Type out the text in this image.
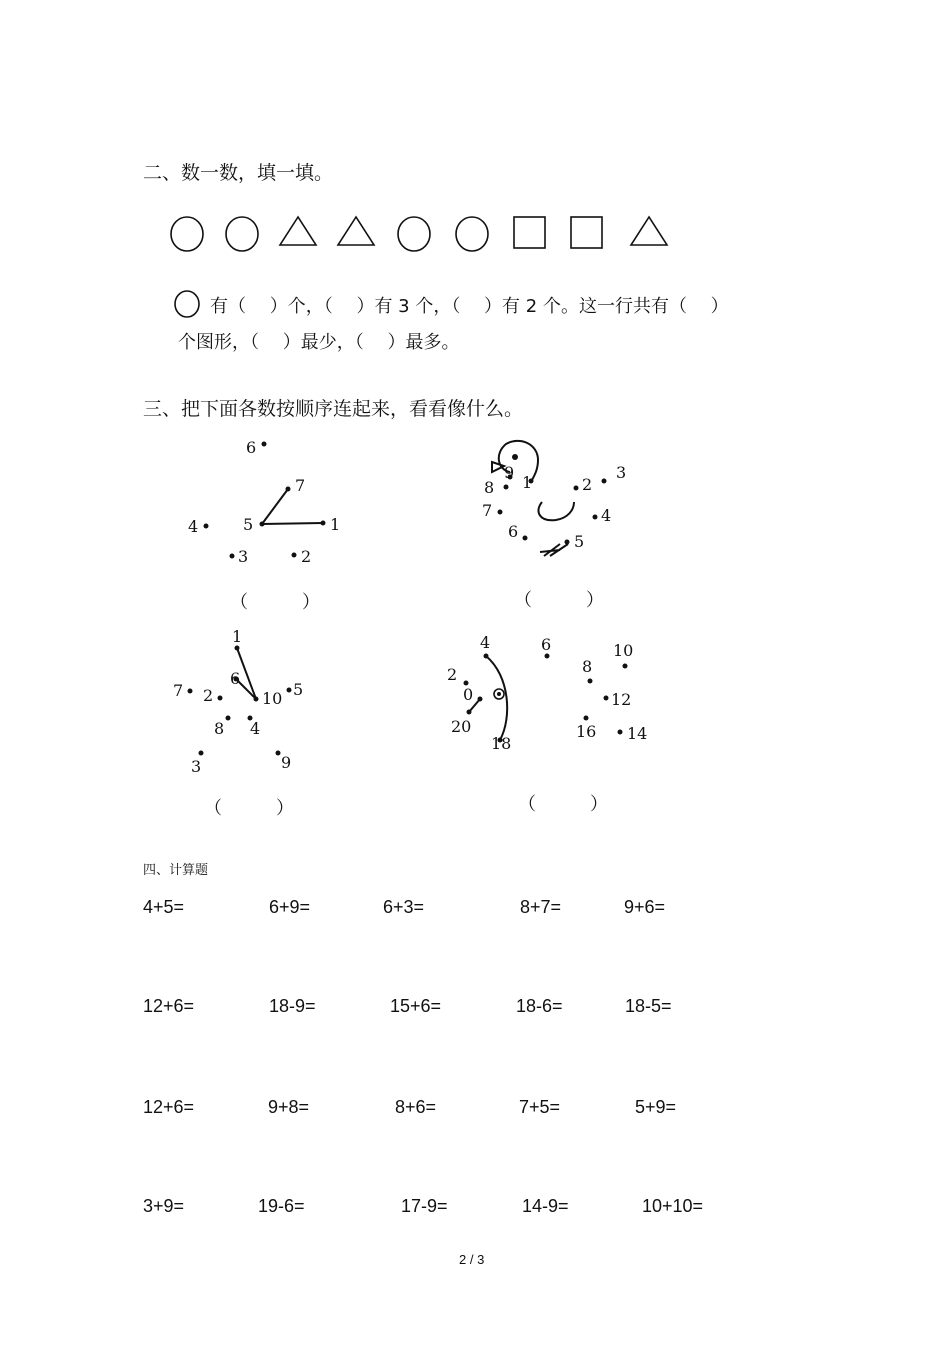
二、数一数，填一填。
有（　 ）个，（　 ）有 3 个，（　 ）有 2 个。这一行共有（　 ）
个图形，（　 ）最少，（　 ）最多。
三、把下面各数按顺序连起来，看看像什么。
6
7
5	1
4
3	2
（　　　）
9
1	2
3
8
7	4
6
5
（　　　）
1
6
7 2	10 5
8 4
3	9
（　　　）
4	6	10
2
0
8
12
20
18
16 14
（　　　）
四、计算题
4+5=	6+9=	6+3=	8+7=	9+6=
12+6=	18-9=	15+6=	18-6=	18-5=
12+6=	9+8=	8+6=	7+5=	5+9=
3+9=	19-6=	17-9=	14-9=	10+10=
2 / 3
